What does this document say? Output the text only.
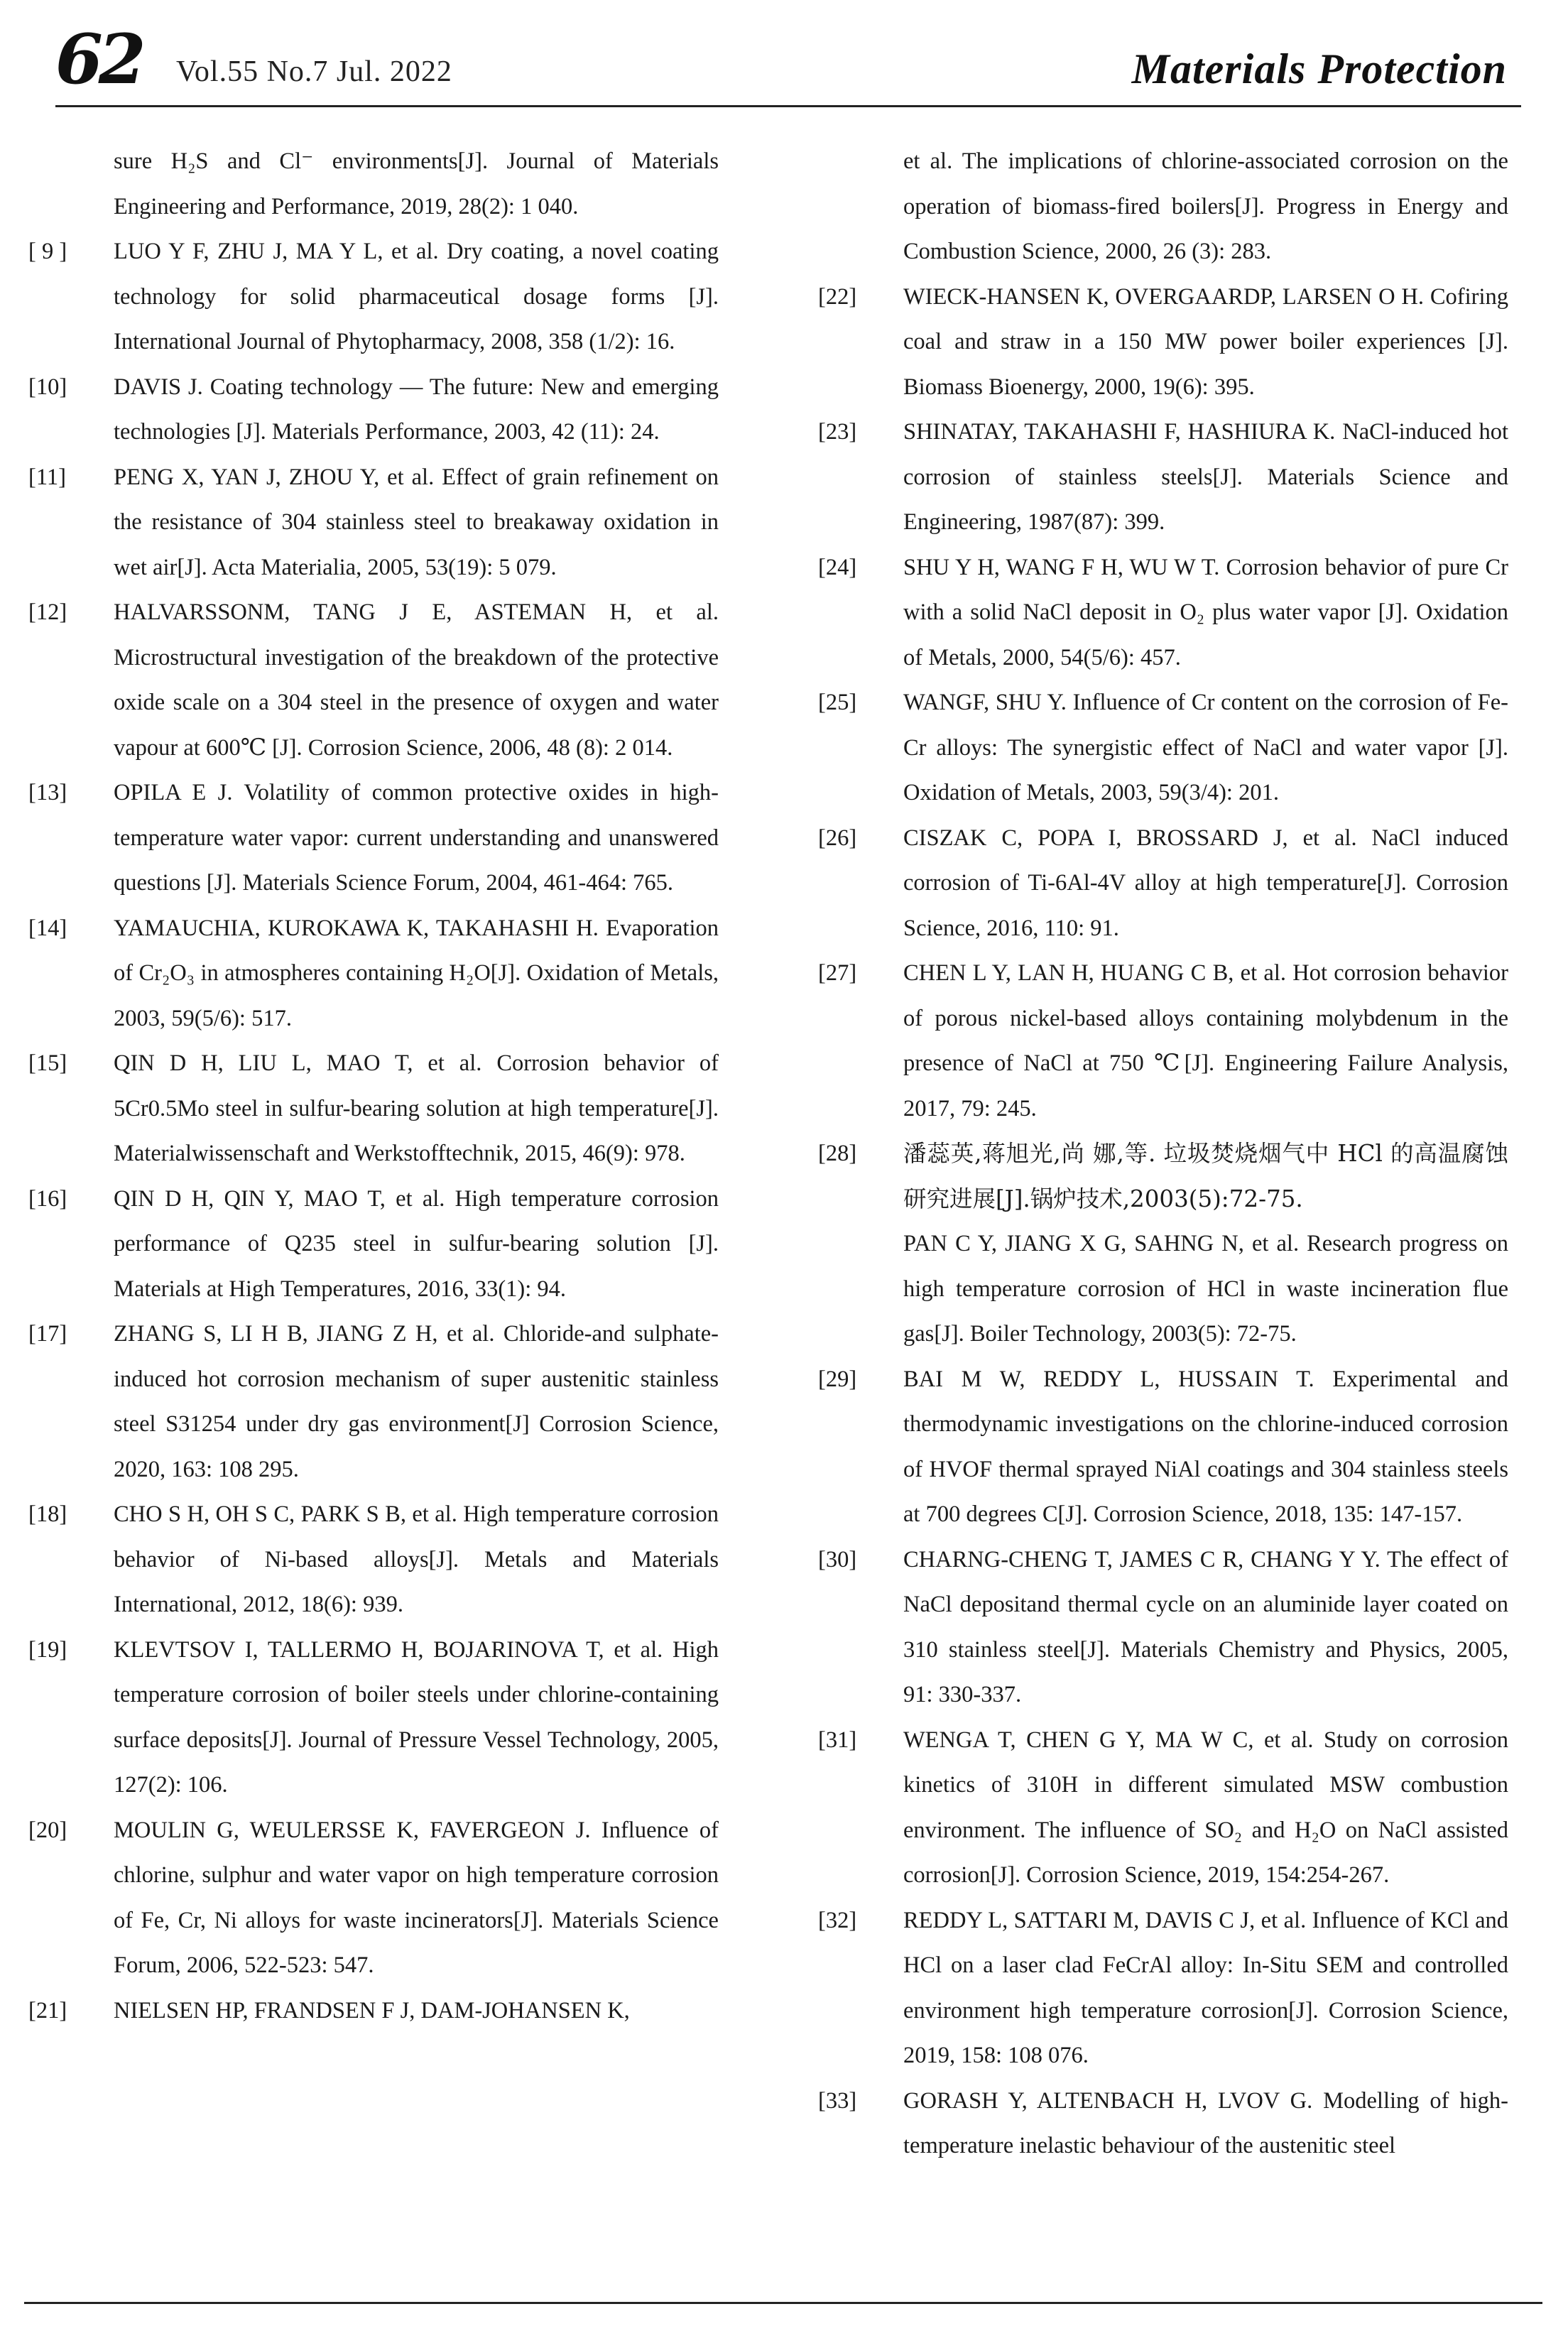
62 Vol.55 No.7 Jul. 2022	Materials Protection
sure H₂S and Cl⁻ environments[J]. Journal of Materials Engineering and Performance, 2019, 28(2): 1 040.
[ 9 ]	LUO Y F, ZHU J, MA Y L, et al. Dry coating, a novel coating technology for solid pharmaceutical dosage forms [J]. International Journal of Phytopharmacy, 2008, 358 (1/2): 16.
[10]	DAVIS J. Coating technology — The future: New and emerging technologies [J]. Materials Performance, 2003, 42 (11): 24.
[11]	PENG X, YAN J, ZHOU Y, et al. Effect of grain refinement on the resistance of 304 stainless steel to breakaway oxidation in wet air[J]. Acta Materialia, 2005, 53(19): 5 079.
[12]	HALVARSSONM, TANG J E, ASTEMAN H, et al. Microstructural investigation of the breakdown of the protective oxide scale on a 304 steel in the presence of oxygen and water vapour at 600℃ [J]. Corrosion Science, 2006, 48 (8): 2 014.
[13]	OPILA E J. Volatility of common protective oxides in high-temperature water vapor: current understanding and unanswered questions [J]. Materials Science Forum, 2004, 461-464: 765.
[14]	YAMAUCHIA, KUROKAWA K, TAKAHASHI H. Evaporation of Cr₂O₃ in atmospheres containing H₂O[J]. Oxidation of Metals, 2003, 59(5/6): 517.
[15]	QIN D H, LIU L, MAO T, et al. Corrosion behavior of 5Cr0.5Mo steel in sulfur-bearing solution at high temperature[J]. Materialwissenschaft and Werkstofftechnik, 2015, 46(9): 978.
[16]	QIN D H, QIN Y, MAO T, et al. High temperature corrosion performance of Q235 steel in sulfur-bearing solution [J]. Materials at High Temperatures, 2016, 33(1): 94.
[17]	ZHANG S, LI H B, JIANG Z H, et al. Chloride-and sulphate-induced hot corrosion mechanism of super austenitic stainless steel S31254 under dry gas environment[J] Corrosion Science, 2020, 163: 108 295.
[18]	CHO S H, OH S C, PARK S B, et al. High temperature corrosion behavior of Ni-based alloys[J]. Metals and Materials International, 2012, 18(6): 939.
[19]	KLEVTSOV I, TALLERMO H, BOJARINOVA T, et al. High temperature corrosion of boiler steels under chlorine-containing surface deposits[J]. Journal of Pressure Vessel Technology, 2005, 127(2): 106.
[20]	MOULIN G, WEULERSSE K, FAVERGEON J. Influence of chlorine, sulphur and water vapor on high temperature corrosion of Fe, Cr, Ni alloys for waste incinerators[J]. Materials Science Forum, 2006, 522-523: 547.
[21]	NIELSEN HP, FRANDSEN F J, DAM-JOHANSEN K,
et al. The implications of chlorine-associated corrosion on the operation of biomass-fired boilers[J]. Progress in Energy and Combustion Science, 2000, 26 (3): 283.
[22]	WIECK-HANSEN K, OVERGAARDP, LARSEN O H. Cofiring coal and straw in a 150 MW power boiler experiences [J]. Biomass Bioenergy, 2000, 19(6): 395.
[23]	SHINATAY, TAKAHASHI F, HASHIURA K. NaCl-induced hot corrosion of stainless steels[J]. Materials Science and Engineering, 1987(87): 399.
[24]	SHU Y H, WANG F H, WU W T. Corrosion behavior of pure Cr with a solid NaCl deposit in O₂ plus water vapor [J]. Oxidation of Metals, 2000, 54(5/6): 457.
[25]	WANGF, SHU Y. Influence of Cr content on the corrosion of Fe-Cr alloys: The synergistic effect of NaCl and water vapor [J]. Oxidation of Metals, 2003, 59(3/4): 201.
[26]	CISZAK C, POPA I, BROSSARD J, et al. NaCl induced corrosion of Ti-6Al-4V alloy at high temperature[J]. Corrosion Science, 2016, 110: 91.
[27]	CHEN L Y, LAN H, HUANG C B, et al. Hot corrosion behavior of porous nickel-based alloys containing molybdenum in the presence of NaCl at 750 ℃[J]. Engineering Failure Analysis, 2017, 79: 245.
[28]	潘蕊英,蒋旭光,尚 娜,等. 垃圾焚烧烟气中 HCl 的高温腐蚀研究进展[J].锅炉技术,2003(5):72-75.
PAN C Y, JIANG X G, SAHNG N, et al. Research progress on high temperature corrosion of HCl in waste incineration flue gas[J]. Boiler Technology, 2003(5): 72-75.
[29]	BAI M W, REDDY L, HUSSAIN T. Experimental and thermodynamic investigations on the chlorine-induced corrosion of HVOF thermal sprayed NiAl coatings and 304 stainless steels at 700 degrees C[J]. Corrosion Science, 2018, 135: 147-157.
[30]	CHARNG-CHENG T, JAMES C R, CHANG Y Y. The effect of NaCl depositand thermal cycle on an aluminide layer coated on 310 stainless steel[J]. Materials Chemistry and Physics, 2005, 91: 330-337.
[31]	WENGA T, CHEN G Y, MA W C, et al. Study on corrosion kinetics of 310H in different simulated MSW combustion environment. The influence of SO₂ and H₂O on NaCl assisted corrosion[J]. Corrosion Science, 2019, 154:254-267.
[32]	REDDY L, SATTARI M, DAVIS C J, et al. Influence of KCl and HCl on a laser clad FeCrAl alloy: In-Situ SEM and controlled environment high temperature corrosion[J]. Corrosion Science, 2019, 158: 108 076.
[33]	GORASH Y, ALTENBACH H, LVOV G. Modelling of high-temperature inelastic behaviour of the austenitic steel
